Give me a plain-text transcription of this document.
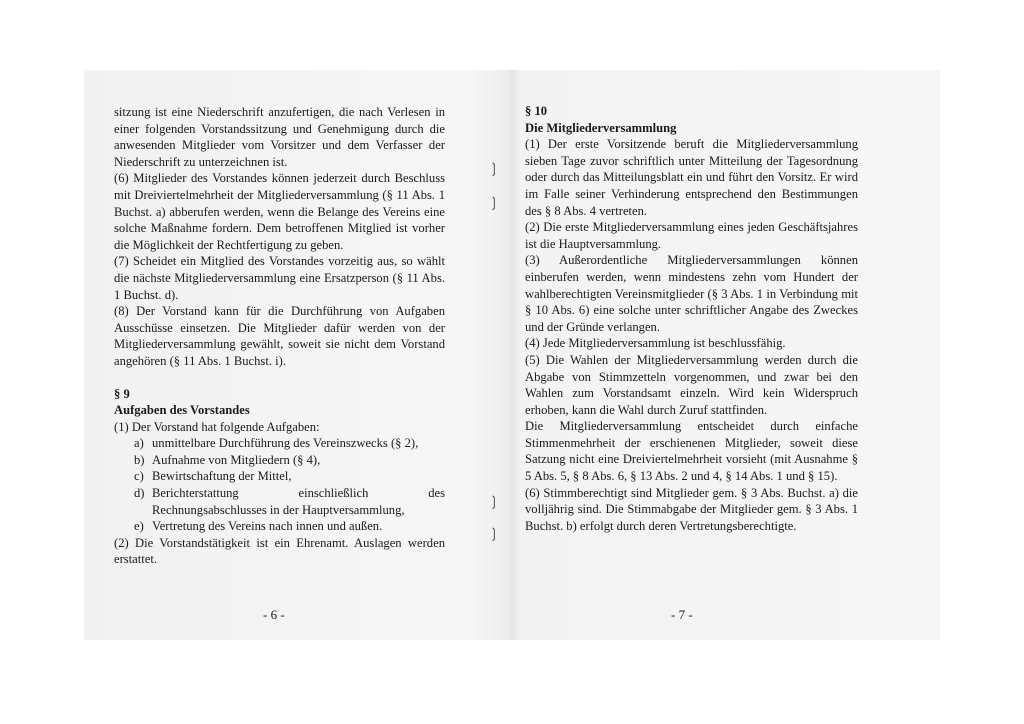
❳
❳
❳
❳

sitzung ist eine Niederschrift anzufertigen, die nach Verlesen in einer folgenden Vorstandssitzung und Genehmigung durch die anwesenden Mitglieder vom Vorsitzer und dem Verfasser der Niederschrift zu unterzeichnen ist.

(6) Mitglieder des Vorstandes können jederzeit durch Beschluss mit Dreiviertelmehrheit der Mitgliederversammlung (§ 11 Abs. 1 Buchst. a) abberufen werden, wenn die Belange des Vereins eine solche Maßnahme fordern. Dem betroffenen Mitglied ist vorher die Möglichkeit der Rechtfertigung zu geben.

(7) Scheidet ein Mitglied des Vorstandes vorzeitig aus, so wählt die nächste Mitgliederversammlung eine Ersatzperson (§ 11 Abs. 1 Buchst. d).

(8) Der Vorstand kann für die Durchführung von Aufgaben Ausschüsse einsetzen. Die Mitglieder dafür werden von der Mitgliederversammlung gewählt, soweit sie nicht dem Vorstand angehören (§ 11 Abs. 1 Buchst. i).

§ 9

Aufgaben des Vorstandes

(1) Der Vorstand hat folgende Aufgaben:

a) unmittelbare Durchführung des Vereinszwecks (§ 2),
b) Aufnahme von Mitgliedern (§ 4),
c) Bewirtschaftung der Mittel,
d) Berichterstattung einschließlich des Rechnungsabschlusses in der Hauptversammlung,
e) Vertretung des Vereins nach innen und außen.

(2) Die Vorstandstätigkeit ist ein Ehrenamt. Auslagen werden erstattet.

- 6 -

§ 10

Die Mitgliederversammlung

(1) Der erste Vorsitzende beruft die Mitgliederversammlung sieben Tage zuvor schriftlich unter Mitteilung der Tagesordnung oder durch das Mitteilungsblatt ein und führt den Vorsitz. Er wird im Falle seiner Verhinderung entsprechend den Bestimmungen des § 8 Abs. 4 vertreten.

(2) Die erste Mitgliederversammlung eines jeden Geschäftsjahres ist die Hauptversammlung.

(3) Außerordentliche Mitgliederversammlungen können einberufen werden, wenn mindestens zehn vom Hundert der wahlberechtigten Vereinsmitglieder (§ 3 Abs. 1 in Verbindung mit § 10 Abs. 6) eine solche unter schriftlicher Angabe des Zweckes und der Gründe verlangen.

(4) Jede Mitgliederversammlung ist beschlussfähig.

(5) Die Wahlen der Mitgliederversammlung werden durch die Abgabe von Stimmzetteln vorgenommen, und zwar bei den Wahlen zum Vorstandsamt einzeln. Wird kein Widerspruch erhoben, kann die Wahl durch Zuruf stattfinden.

Die Mitgliederversammlung entscheidet durch einfache Stimmenmehrheit der erschienenen Mitglieder, soweit diese Satzung nicht eine Dreiviertelmehrheit vorsieht (mit Ausnahme § 5 Abs. 5, § 8 Abs. 6, § 13 Abs. 2 und 4, § 14 Abs. 1 und § 15).

(6) Stimmberechtigt sind Mitglieder gem. § 3 Abs. Buchst. a) die volljährig sind. Die Stimmabgabe der Mitglieder gem. § 3 Abs. 1 Buchst. b) erfolgt durch deren Vertretungsberechtigte.

- 7 -
